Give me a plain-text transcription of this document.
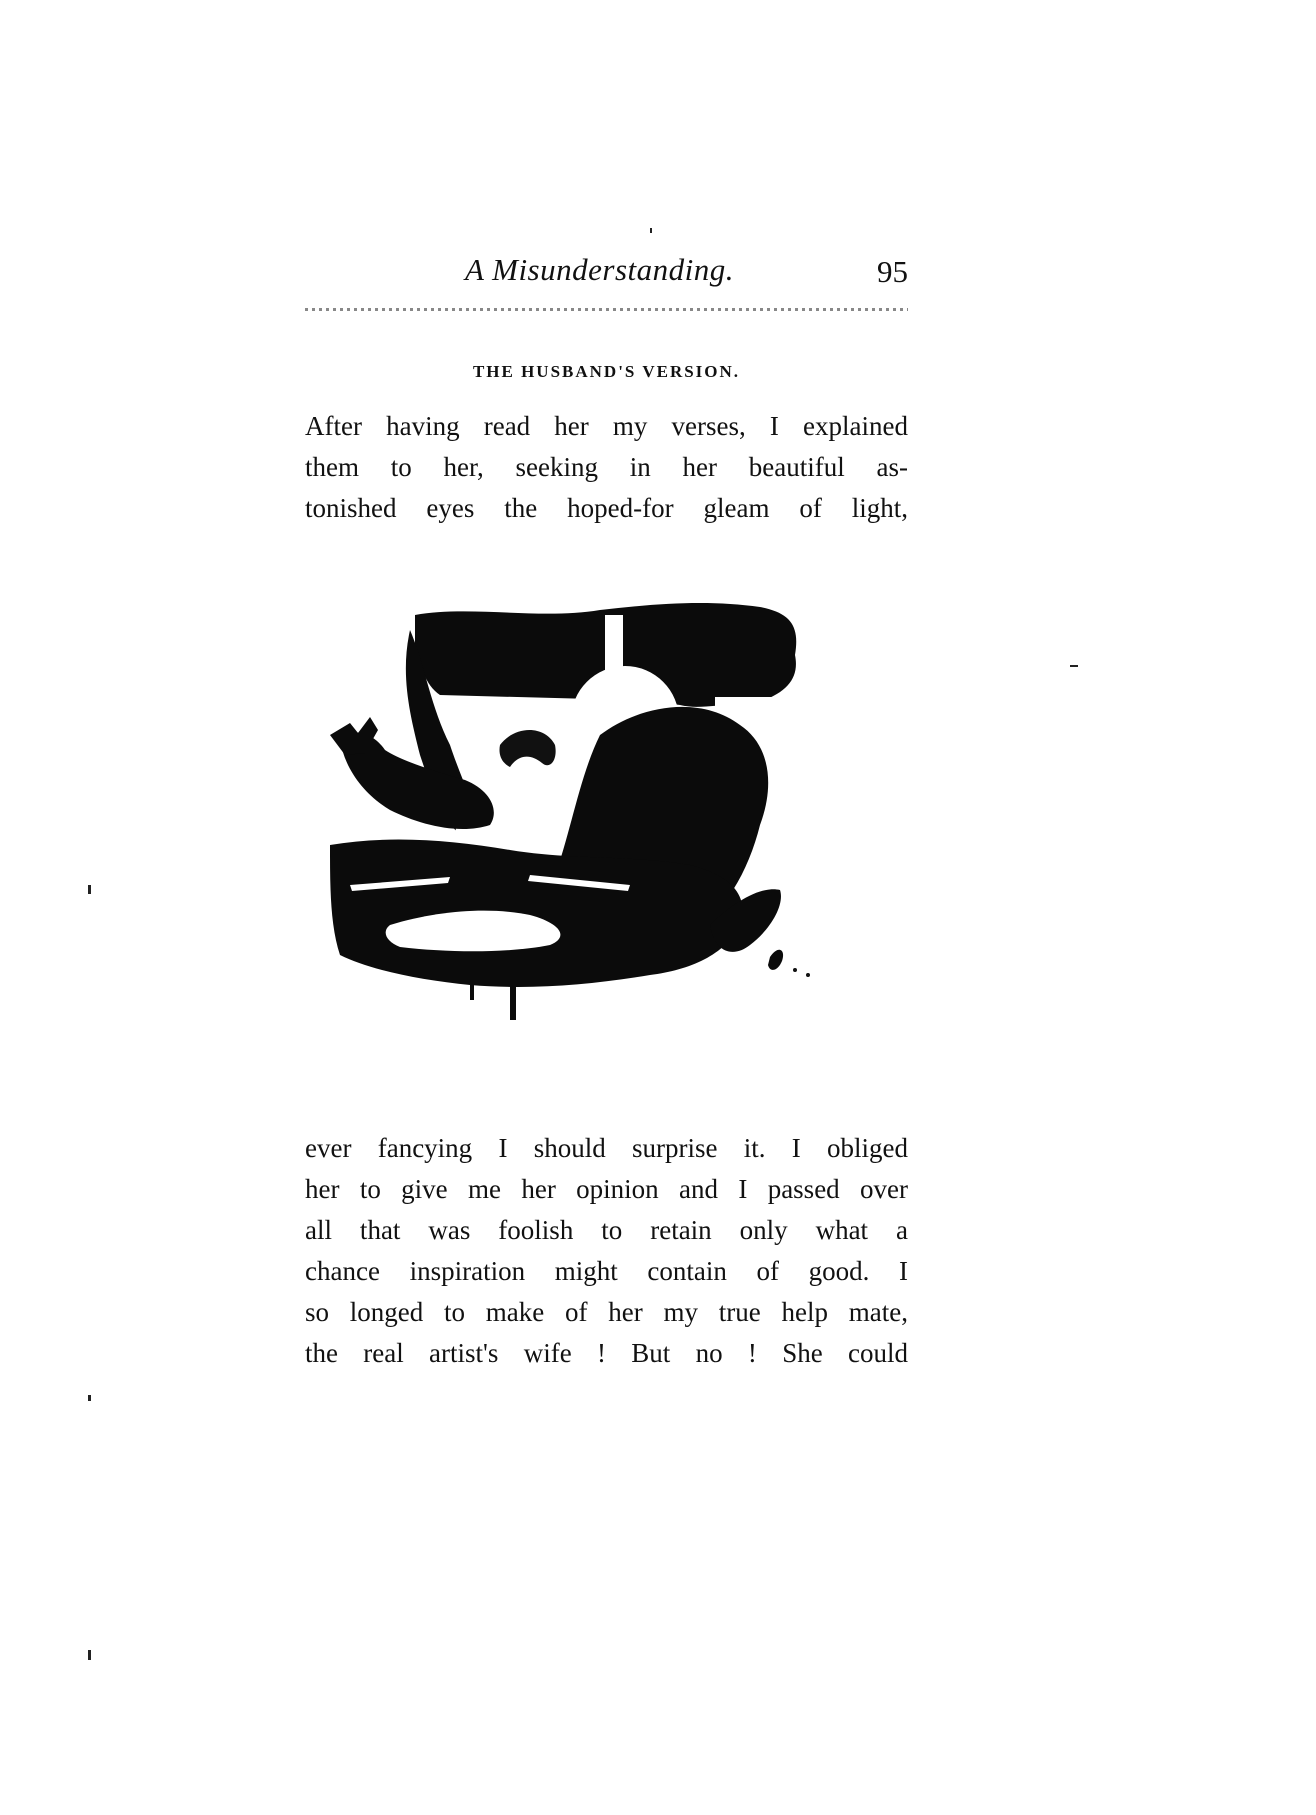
A Misunderstanding.	95
THE HUSBAND'S VERSION.
After having read her my verses, I explained
them to her, seeking in her beautiful as-
tonished eyes the hoped-for gleam of light,
ever fancying I should surprise it. I obliged
her to give me her opinion and I passed over
all that was foolish to retain only what a
chance inspiration might contain of good. I
so longed to make of her my true help mate,
the real artist's wife ! But no ! She could
